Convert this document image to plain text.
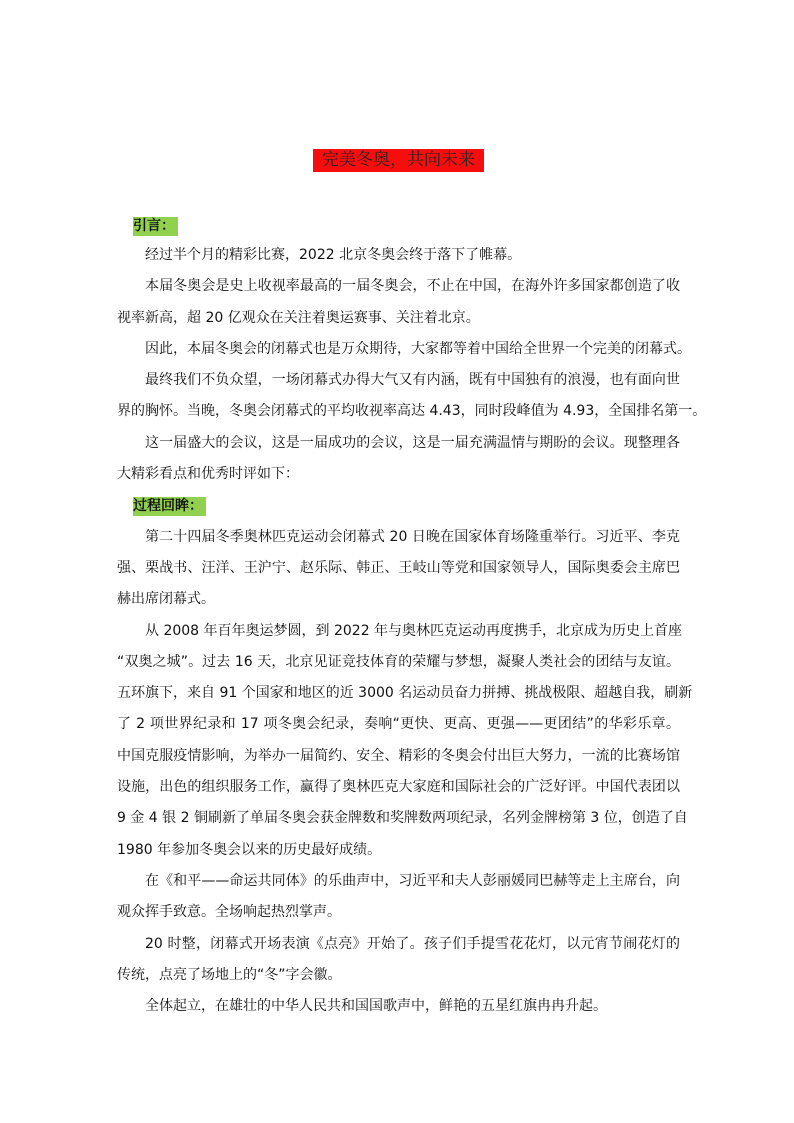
完美冬奥，共向未来
引言：
过程回眸：
经过半个月的精彩比赛，2022 北京冬奥会终于落下了帷幕。
本届冬奥会是史上收视率最高的一届冬奥会，不止在中国，在海外许多国家都创造了收
视率新高，超 20 亿观众在关注着奥运赛事、关注着北京。
因此，本届冬奥会的闭幕式也是万众期待，大家都等着中国给全世界一个完美的闭幕式。
最终我们不负众望，一场闭幕式办得大气又有内涵，既有中国独有的浪漫，也有面向世
界的胸怀。当晚，冬奥会闭幕式的平均收视率高达 4.43，同时段峰值为 4.93，全国排名第一。
这一届盛大的会议，这是一届成功的会议，这是一届充满温情与期盼的会议。现整理各
大精彩看点和优秀时评如下：
第二十四届冬季奥林匹克运动会闭幕式 20 日晚在国家体育场隆重举行。习近平、李克
强、栗战书、汪洋、王沪宁、赵乐际、韩正、王岐山等党和国家领导人，国际奥委会主席巴
赫出席闭幕式。
从 2008 年百年奥运梦圆，到 2022 年与奥林匹克运动再度携手，北京成为历史上首座
“双奥之城”。过去 16 天，北京见证竞技体育的荣耀与梦想，凝聚人类社会的团结与友谊。
五环旗下，来自 91 个国家和地区的近 3000 名运动员奋力拼搏、挑战极限、超越自我，刷新
了 2 项世界纪录和 17 项冬奥会纪录，奏响“更快、更高、更强——更团结”的华彩乐章。
中国克服疫情影响，为举办一届简约、安全、精彩的冬奥会付出巨大努力，一流的比赛场馆
设施，出色的组织服务工作，赢得了奥林匹克大家庭和国际社会的广泛好评。中国代表团以
9 金 4 银 2 铜刷新了单届冬奥会获金牌数和奖牌数两项纪录，名列金牌榜第 3 位，创造了自
1980 年参加冬奥会以来的历史最好成绩。
在《和平——命运共同体》的乐曲声中，习近平和夫人彭丽媛同巴赫等走上主席台，向
观众挥手致意。全场响起热烈掌声。
20 时整，闭幕式开场表演《点亮》开始了。孩子们手提雪花花灯，以元宵节闹花灯的
传统，点亮了场地上的“冬”字会徽。
全体起立，在雄壮的中华人民共和国国歌声中，鲜艳的五星红旗冉冉升起。
